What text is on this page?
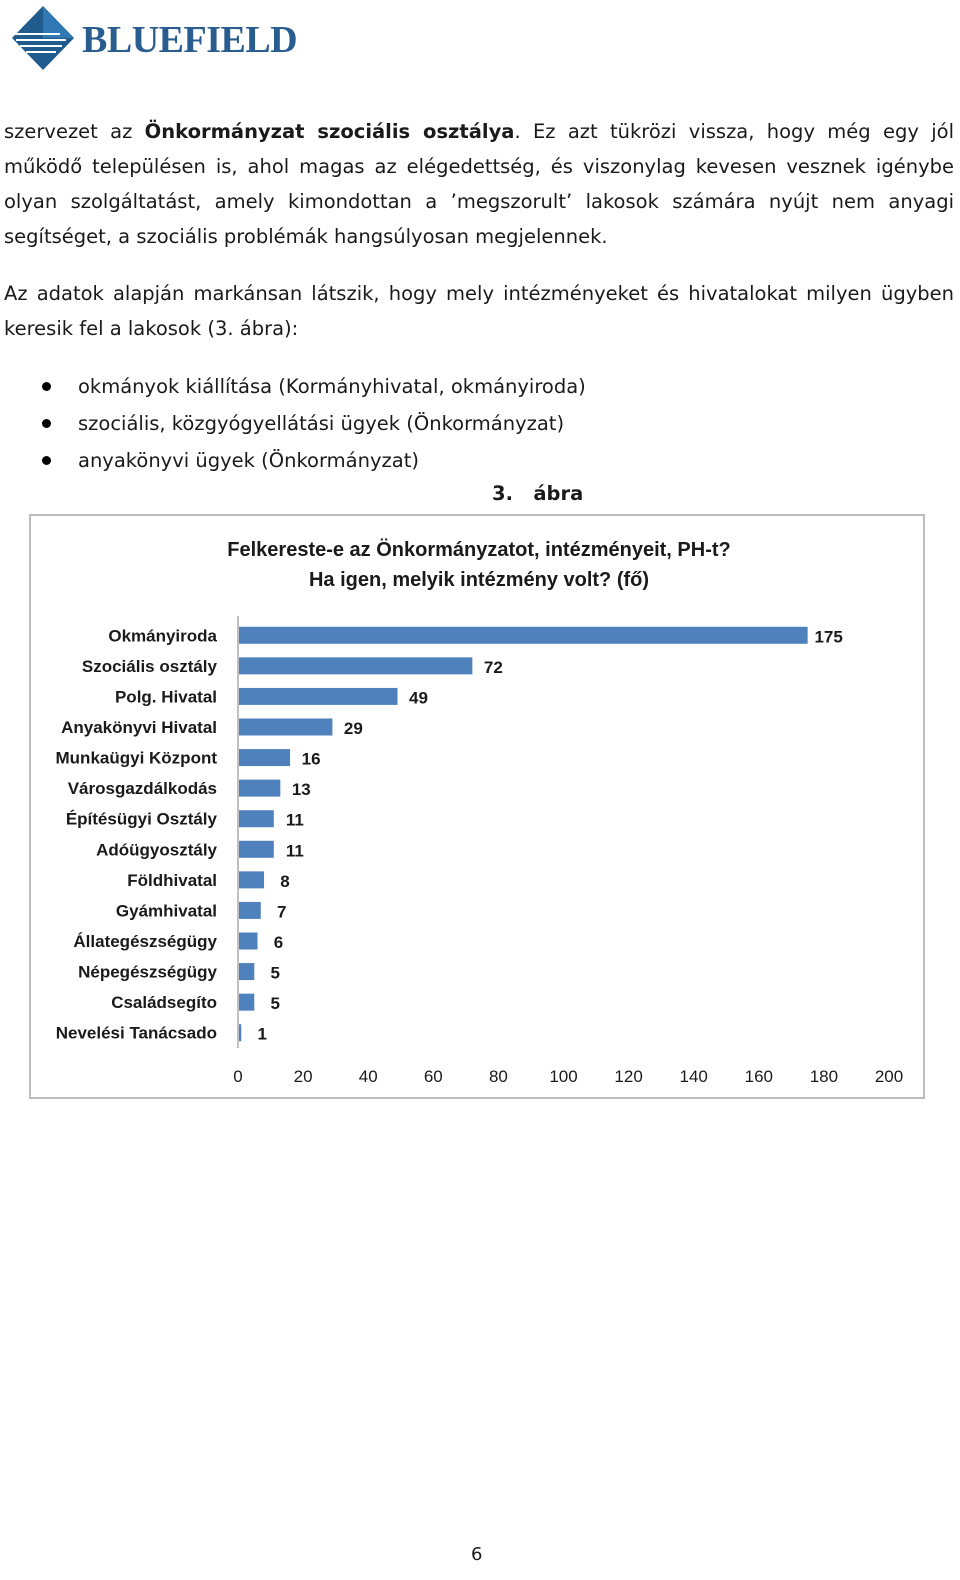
BLUEFIELD

szervezet az Önkormányzat szociális osztálya. Ez azt tükrözi vissza, hogy még egy jól működő településen is, ahol magas az elégedettség, és viszonylag kevesen vesznek igénybe olyan szolgáltatást, amely kimondottan a ’megszorult’ lakosok számára nyújt nem anyagi segítséget, a szociális problémák hangsúlyosan megjelennek.

Az adatok alapján markánsan látszik, hogy mely intézményeket és hivatalokat milyen ügyben keresik fel a lakosok (3. ábra):

okmányok kiállítása (Kormányhivatal, okmányiroda)
szociális, közgyógyellátási ügyek (Önkormányzat)
anyakönyvi ügyek (Önkormányzat)
3.   ábra
Felkereste-e az Önkormányzatot, intézményeit, PH-t?
Ha igen, melyik intézmény volt? (fő)
Okmányiroda	175
Szociális osztály	72
Polg. Hivatal	49
Anyakönyvi Hivatal	29
Munkaügyi Központ	16
Városgazdálkodás	13
Építésügyi Osztály	11
Adóügyosztály	11
Földhivatal	8
Gyámhivatal	7
Állategészségügy	6
Népegészségügy	5
Családsegíto	5
Nevelési Tanácsado 1
0	20	40	60	80 100 120 140 160 180 200
6
